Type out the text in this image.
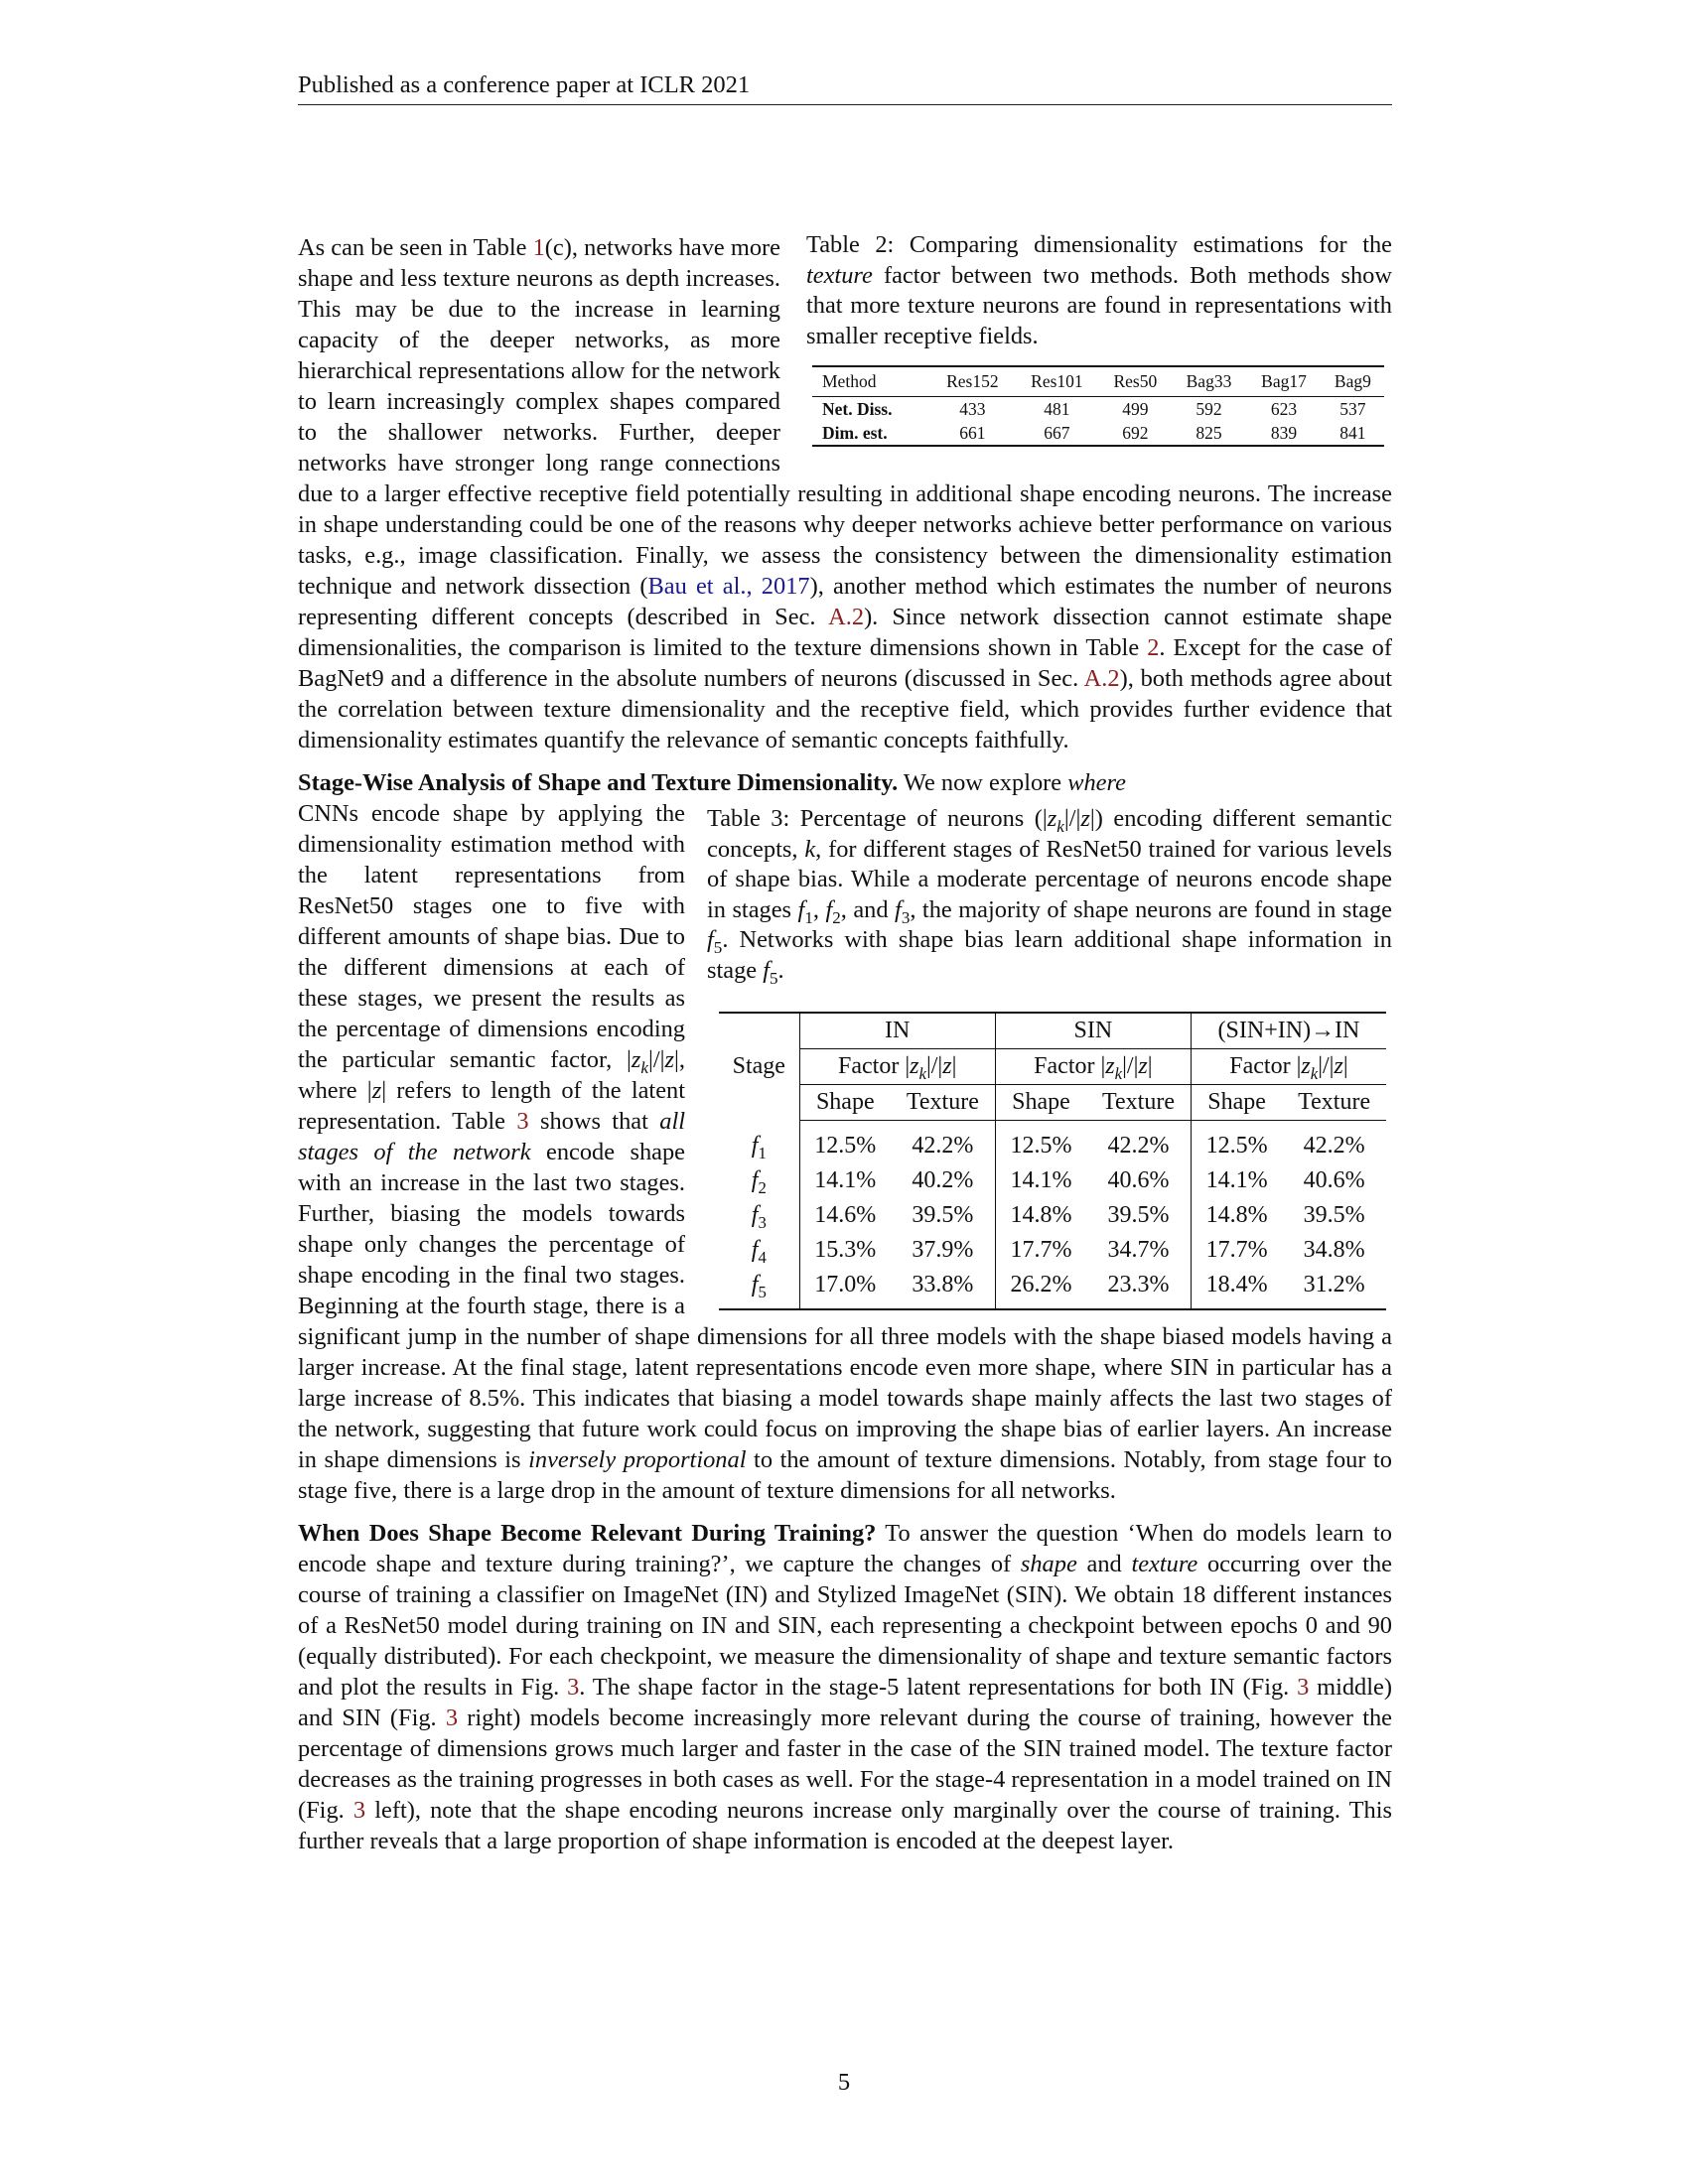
Published as a conference paper at ICLR 2021

Table 2: Comparing dimensionality estimations for the texture factor between two methods. Both methods show that more texture neurons are found in representations with smaller receptive fields.

Method	Res152	Res101	Res50	Bag33	Bag17	Bag9
Net. Diss.	433	481	499	592	623	537
Dim. est.	661	667	692	825	839	841

As can be seen in Table 1(c), networks have more shape and less texture neurons as depth increases. This may be due to the increase in learning capacity of the deeper networks, as more hierarchical representations allow for the network to learn increasingly complex shapes compared to the shallower networks. Further, deeper networks have stronger long range connections due to a larger effective receptive field potentially resulting in additional shape encoding neurons. The increase in shape understanding could be one of the reasons why deeper networks achieve better performance on various tasks, e.g., image classification. Finally, we assess the consistency between the dimensionality estimation technique and network dissection (Bau et al., 2017), another method which estimates the number of neurons representing different concepts (described in Sec. A.2). Since network dissection cannot estimate shape dimensionalities, the comparison is limited to the texture dimensions shown in Table 2. Except for the case of BagNet9 and a difference in the absolute numbers of neurons (discussed in Sec. A.2), both methods agree about the correlation between texture dimensionality and the receptive field, which provides further evidence that dimensionality estimates quantify the relevance of semantic concepts faithfully.

Stage-Wise Analysis of Shape and Texture Dimensionality. We now explore where

Table 3: Percentage of neurons $(|z_k|/|z|)$ encoding different semantic concepts, k, for different stages of ResNet50 trained for various levels of shape bias. While a moderate percentage of neurons encode shape in stages $f_1$, $f_2$, and $f_3$, the majority of shape neurons are found in stage $f_5$. Networks with shape bias learn additional shape information in stage $f_5$.

Stage	IN		SIN		(SIN+IN)→IN	
	Factor $|z_k|/|z|$		Factor $|z_k|/|z|$		Factor $|z_k|/|z|$	
	Shape	Texture	Shape	Texture	Shape	Texture
$f_1$	12.5%	42.2%	12.5%	42.2%	12.5%	42.2%
$f_2$	14.1%	40.2%	14.1%	40.6%	14.1%	40.6%
$f_3$	14.6%	39.5%	14.8%	39.5%	14.8%	39.5%
$f_4$	15.3%	37.9%	17.7%	34.7%	17.7%	34.8%
$f_5$	17.0%	33.8%	26.2%	23.3%	18.4%	31.2%

CNNs encode shape by applying the dimensionality estimation method with the latent representations from ResNet50 stages one to five with different amounts of shape bias. Due to the different dimensions at each of these stages, we present the results as the percentage of dimensions encoding the particular semantic factor, $|z_k|/|z|$, where |z| refers to length of the latent representation. Table 3 shows that all stages of the network encode shape with an increase in the last two stages. Further, biasing the models towards shape only changes the percentage of shape encoding in the final two stages. Beginning at the fourth stage, there is a significant jump in the number of shape dimensions for all three models with the shape biased models having a larger increase. At the final stage, latent representations encode even more shape, where SIN in particular has a large increase of 8.5%. This indicates that biasing a model towards shape mainly affects the last two stages of the network, suggesting that future work could focus on improving the shape bias of earlier layers. An increase in shape dimensions is inversely proportional to the amount of texture dimensions. Notably, from stage four to stage five, there is a large drop in the amount of texture dimensions for all networks.

When Does Shape Become Relevant During Training? To answer the question ‘When do models learn to encode shape and texture during training?’, we capture the changes of shape and texture occurring over the course of training a classifier on ImageNet (IN) and Stylized ImageNet (SIN). We obtain 18 different instances of a ResNet50 model during training on IN and SIN, each representing a checkpoint between epochs 0 and 90 (equally distributed). For each checkpoint, we measure the dimensionality of shape and texture semantic factors and plot the results in Fig. 3. The shape factor in the stage-5 latent representations for both IN (Fig. 3 middle) and SIN (Fig. 3 right) models become increasingly more relevant during the course of training, however the percentage of dimensions grows much larger and faster in the case of the SIN trained model. The texture factor decreases as the training progresses in both cases as well. For the stage-4 representation in a model trained on IN (Fig. 3 left), note that the shape encoding neurons increase only marginally over the course of training. This further reveals that a large proportion of shape information is encoded at the deepest layer.

5
